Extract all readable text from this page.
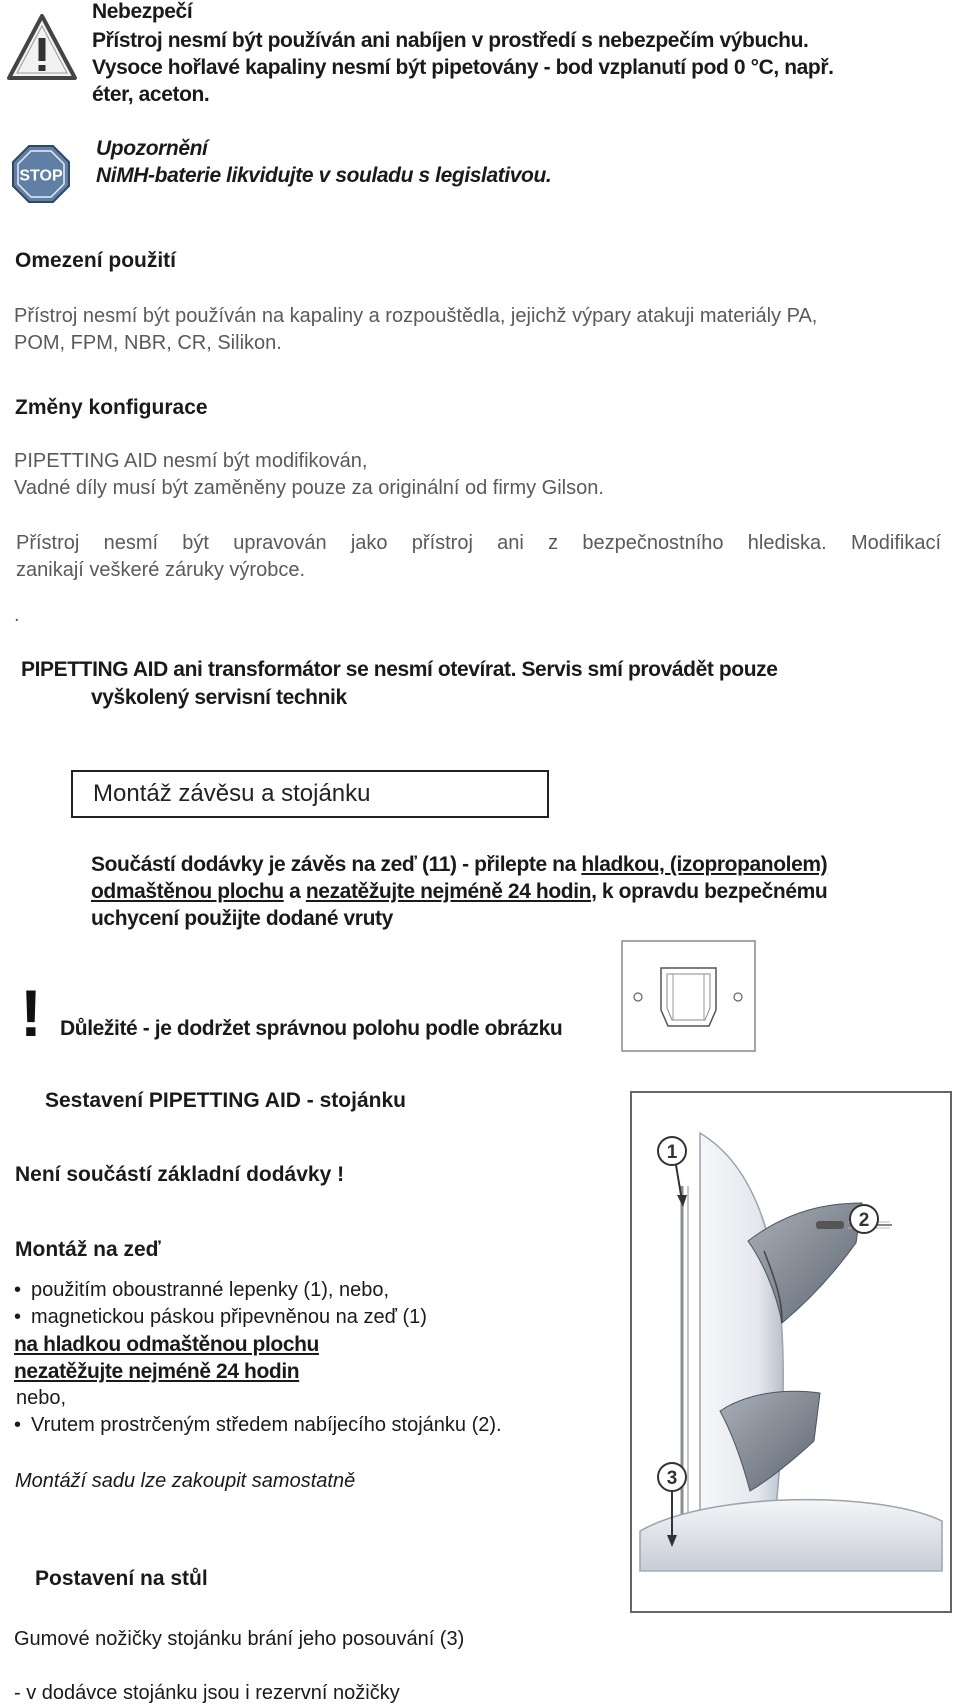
Nebezpečí
Přístroj nesmí být používán ani nabíjen v prostředí s nebezpečím výbuchu.
Vysoce hořlavé kapaliny nesmí být pipetovány - bod vzplanutí pod 0 °C, např.
éter, aceton.
STOP
Upozornění
NiMH-baterie likvidujte v souladu s legislativou.
Omezení použití
Přístroj nesmí být používán na kapaliny a rozpouštědla, jejichž výpary atakuji materiály PA,
POM, FPM, NBR, CR, Silikon.
Změny konfigurace
PIPETTING AID nesmí být modifikován,
Vadné díly musí být zaměněny pouze za originální od firmy Gilson.
Přístroj nesmí být upravován jako přístroj ani z bezpečnostního hlediska. Modifikací
zanikají veškeré záruky výrobce.
.
PIPETTING AID ani transformátor se nesmí otevírat. Servis smí provádět pouze
vyškolený servisní technik
Montáž závěsu a stojánku
Součástí dodávky je závěs na zeď (11) - přilepte na hladkou, (izopropanolem)
odmaštěnou plochu a nezatěžujte nejméně 24 hodin, k opravdu bezpečnému
uchycení použijte dodané vruty
! Důležité - je dodržet správnou polohu podle obrázku
Sestavení PIPETTING AID - stojánku
Není součástí základní dodávky !
Montáž na zeď
• použitím oboustranné lepenky (1), nebo,
• magnetickou páskou připevněnou na zeď (1)
na hladkou odmaštěnou plochu
nezatěžujte nejméně 24 hodin
nebo,
• Vrutem prostrčeným středem nabíjecího stojánku (2).
Montáží sadu lze zakoupit samostatně
1
2
3
Postavení na stůl
Gumové nožičky stojánku brání jeho posouvání (3)
- v dodávce stojánku jsou i rezervní nožičky
